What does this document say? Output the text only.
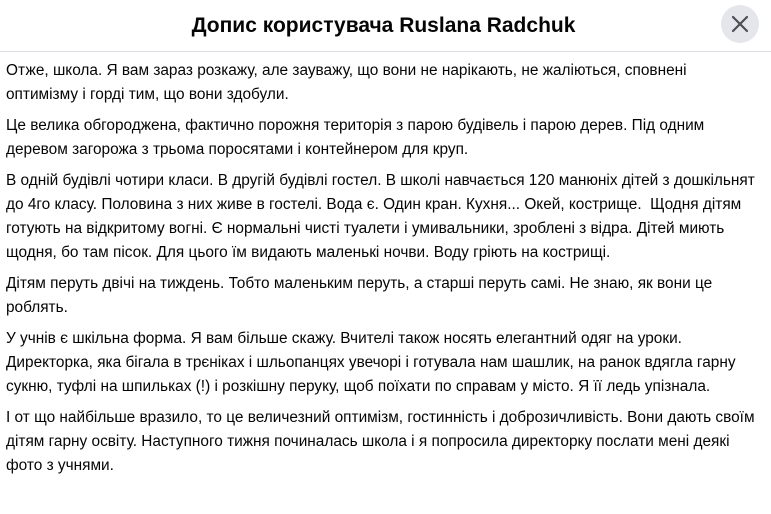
Допис користувача Ruslana Radchuk

Отже, школа. Я вам зараз розкажу, але зауважу, що вони не нарікають, не жаліються, сповнені оптимізму і горді тим, що вони здобули.

Це велика обгороджена, фактично порожня територія з парою будівель і парою дерев. Під одним деревом загорожа з трьома поросятами і контейнером для круп.

В одній будівлі чотири класи. В другій будівлі гостел. В школі навчається 120 манюніх дітей з дошкільнят до 4го класу. Половина з них живе в гостелі. Вода є. Один кран. Кухня... Окей, кострище.  Щодня дітям готують на відкритому вогні. Є нормальні чисті туалети і умивальники, зроблені з відра. Дітей миють щодня, бо там пісок. Для цього їм видають маленькі ночви. Воду гріють на кострищі.

Дітям перуть двічі на тиждень. Тобто маленьким перуть, а старші перуть самі. Не знаю, як вони це роблять.

У учнів є шкільна форма. Я вам більше скажу. Вчителі також носять елегантний одяг на уроки. Директорка, яка бігала в трєніках і шльопанцях увечорі і готувала нам шашлик, на ранок вдягла гарну сукню, туфлі на шпильках (!) і розкішну перуку, щоб поїхати по справам у місто. Я її ледь упізнала.

І от що найбільше вразило, то це величезний оптимізм, гостинність і доброзичливість. Вони дають своїм дітям гарну освіту. Наступного тижня починалась школа і я попросила директорку послати мені деякі фото з учнями.
